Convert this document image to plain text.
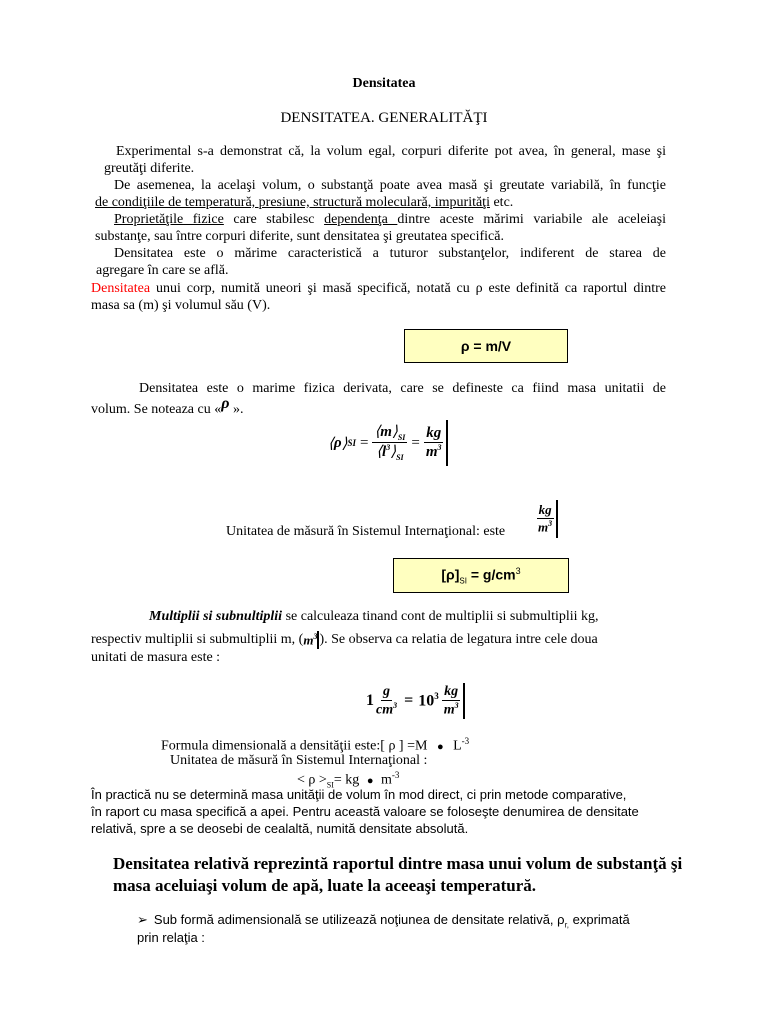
Densitatea
DENSITATEA. GENERALITĂŢI
Experimental s-a demonstrat că, la volum egal, corpuri diferite pot avea, în general, mase şi
greutăţi diferite.
De asemenea, la acelaşi volum, o substanţă poate avea masă şi greutate variabilă, în funcţie
de condiţiile de temperatură, presiune, structură moleculară, impurităţi etc.
Proprietăţile fizice care stabilesc dependenţa dintre aceste mărimi variabile ale aceleiaşi
substanţe, sau între corpuri diferite, sunt densitatea şi greutatea specifică.
Densitatea este o mărime caracteristică a tuturor substanţelor, indiferent de starea de
agregare în care se află.
Densitatea unui corp, numită uneori şi masă specifică, notată cu ρ este definită ca raportul dintre
masa sa (m) şi volumul său (V).
ρ = m/V
Densitatea este o marime fizica derivata, care se defineste ca fiind masa unitatii de
volum. Se noteaza cu «ρ ».
⟨ ρ ⟩ SI = $\frac{⟨m⟩_{SI}}{⟨l^3⟩_{SI}} = \frac{kg}{m^3}$
Unitatea de măsură în Sistemul Internaţional: este $\frac{kg}{m^3}$
$[\rho]_{SI} = g/cm^3$
Multiplii si subnultiplii se calculeaza tinand cont de multiplii si submultiplii kg,
respectiv multiplii si submultiplii m, ( $m^3$ ). Se observa ca relatia de legatura intre cele doua
unitati de masura este :
$1 \frac{g}{cm^3} = 10^3 \frac{kg}{m^3}$
Formula dimensională a densităţii este:[ ρ ] =M ● $L^{-3}$
Unitatea de măsură în Sistemul Internaţional :
< $\rho >_{SI}=$ kg ● $m^{-3}$
În practică nu se determină masa unităţii de volum în mod direct, ci prin metode comparative,
în raport cu masa specifică a apei. Pentru această valoare se foloseşte denumirea de densitate
relativă, spre a se deosebi de cealaltă, numită densitate absolută.
Densitatea relativă reprezintă raportul dintre masa unui volum de substanţă şi
masa aceluiaşi volum de apă, luate la aceeaşi temperatură.
➢ Sub formă adimensională se utilizează noţiunea de densitate relativă, $\rho_{r,}$ exprimată
prin relaţia :
